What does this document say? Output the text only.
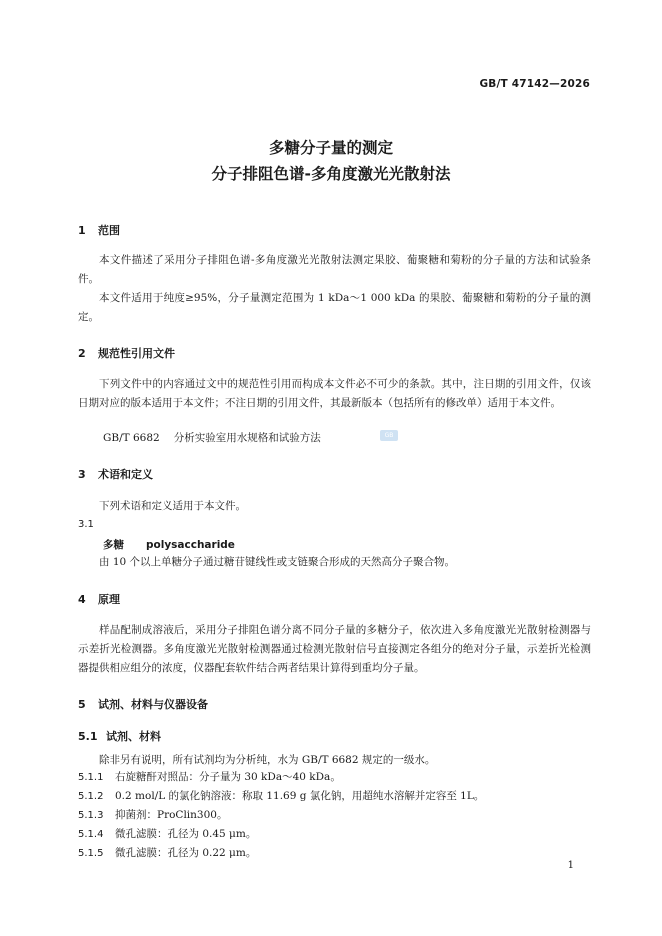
GB/T 47142—2026
多糖分子量的测定
分子排阻色谱-多角度激光光散射法
1 范围
本文件描述了采用分子排阻色谱-多角度激光光散射法测定果胶、葡聚糖和菊粉的分子量的方法和试验条件。
本文件适用于纯度≥95%，分子量测定范围为 1 kDa～1 000 kDa 的果胶、葡聚糖和菊粉的分子量的测定。
2 规范性引用文件
下列文件中的内容通过文中的规范性引用而构成本文件必不可少的条款。其中，注日期的引用文件，仅该日期对应的版本适用于本文件；不注日期的引用文件，其最新版本（包括所有的修改单）适用于本文件。
GB/T 6682 分析实验室用水规格和试验方法	GB
3 术语和定义
下列术语和定义适用于本文件。
3.1
多糖 polysaccharide
由 10 个以上单糖分子通过糖苷键线性或支链聚合形成的天然高分子聚合物。
4 原理
样品配制成溶液后，采用分子排阻色谱分离不同分子量的多糖分子，依次进入多角度激光光散射检测器与示差折光检测器。多角度激光光散射检测器通过检测光散射信号直接测定各组分的绝对分子量，示差折光检测器提供相应组分的浓度，仪器配套软件结合两者结果计算得到重均分子量。
5 试剂、材料与仪器设备
5.1 试剂、材料
除非另有说明，所有试剂均为分析纯，水为 GB/T 6682 规定的一级水。
5.1.1 右旋糖酐对照品：分子量为 30 kDa～40 kDa。
5.1.2 0.2 mol/L 的氯化钠溶液：称取 11.69 g 氯化钠，用超纯水溶解并定容至 1L。
5.1.3 抑菌剂：ProClin300。
5.1.4 微孔滤膜：孔径为 0.45 μm。
5.1.5 微孔滤膜：孔径为 0.22 μm。
1
